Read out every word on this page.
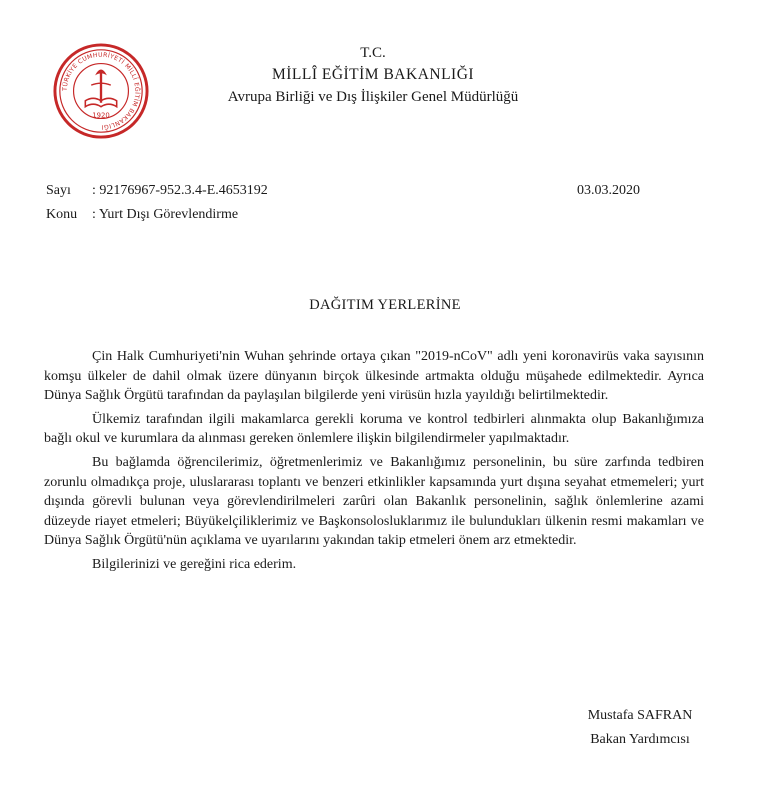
TÜRKİYE CUMHURİYETİ MİLLÎ EĞİTİM BAKANLIĞI
1920
T.C.
MİLLÎ EĞİTİM BAKANLIĞI
Avrupa Birliği ve Dış İlişkiler Genel Müdürlüğü
Sayı : 92176967-952.3.4-E.4653192
Konu : Yurt Dışı Görevlendirme
03.03.2020
DAĞITIM YERLERİNE

Çin Halk Cumhuriyeti'nin Wuhan şehrinde ortaya çıkan "2019-nCoV" adlı yeni koronavirüs vaka sayısının komşu ülkeler de dahil olmak üzere dünyanın birçok ülkesinde artmakta olduğu müşahede edilmektedir. Ayrıca Dünya Sağlık Örgütü tarafından da paylaşılan bilgilerde yeni virüsün hızla yayıldığı belirtilmektedir.

Ülkemiz tarafından ilgili makamlarca gerekli koruma ve kontrol tedbirleri alınmakta olup Bakanlığımıza bağlı okul ve kurumlara da alınması gereken önlemlere ilişkin bilgilendirmeler yapılmaktadır.

Bu bağlamda öğrencilerimiz, öğretmenlerimiz ve Bakanlığımız personelinin, bu süre zarfında tedbiren zorunlu olmadıkça proje, uluslararası toplantı ve benzeri etkinlikler kapsamında yurt dışına seyahat etmemeleri; yurt dışında görevli bulunan veya görevlendirilmeleri zarûri olan Bakanlık personelinin, sağlık önlemlerine azami düzeyde riayet etmeleri; Büyükelçiliklerimiz ve Başkonsolosluklarımız ile bulundukları ülkenin resmi makamları ve Dünya Sağlık Örgütü'nün açıklama ve uyarılarını yakından takip etmeleri önem arz etmektedir.

Bilgilerinizi ve gereğini rica ederim.

Mustafa SAFRAN
Bakan Yardımcısı
